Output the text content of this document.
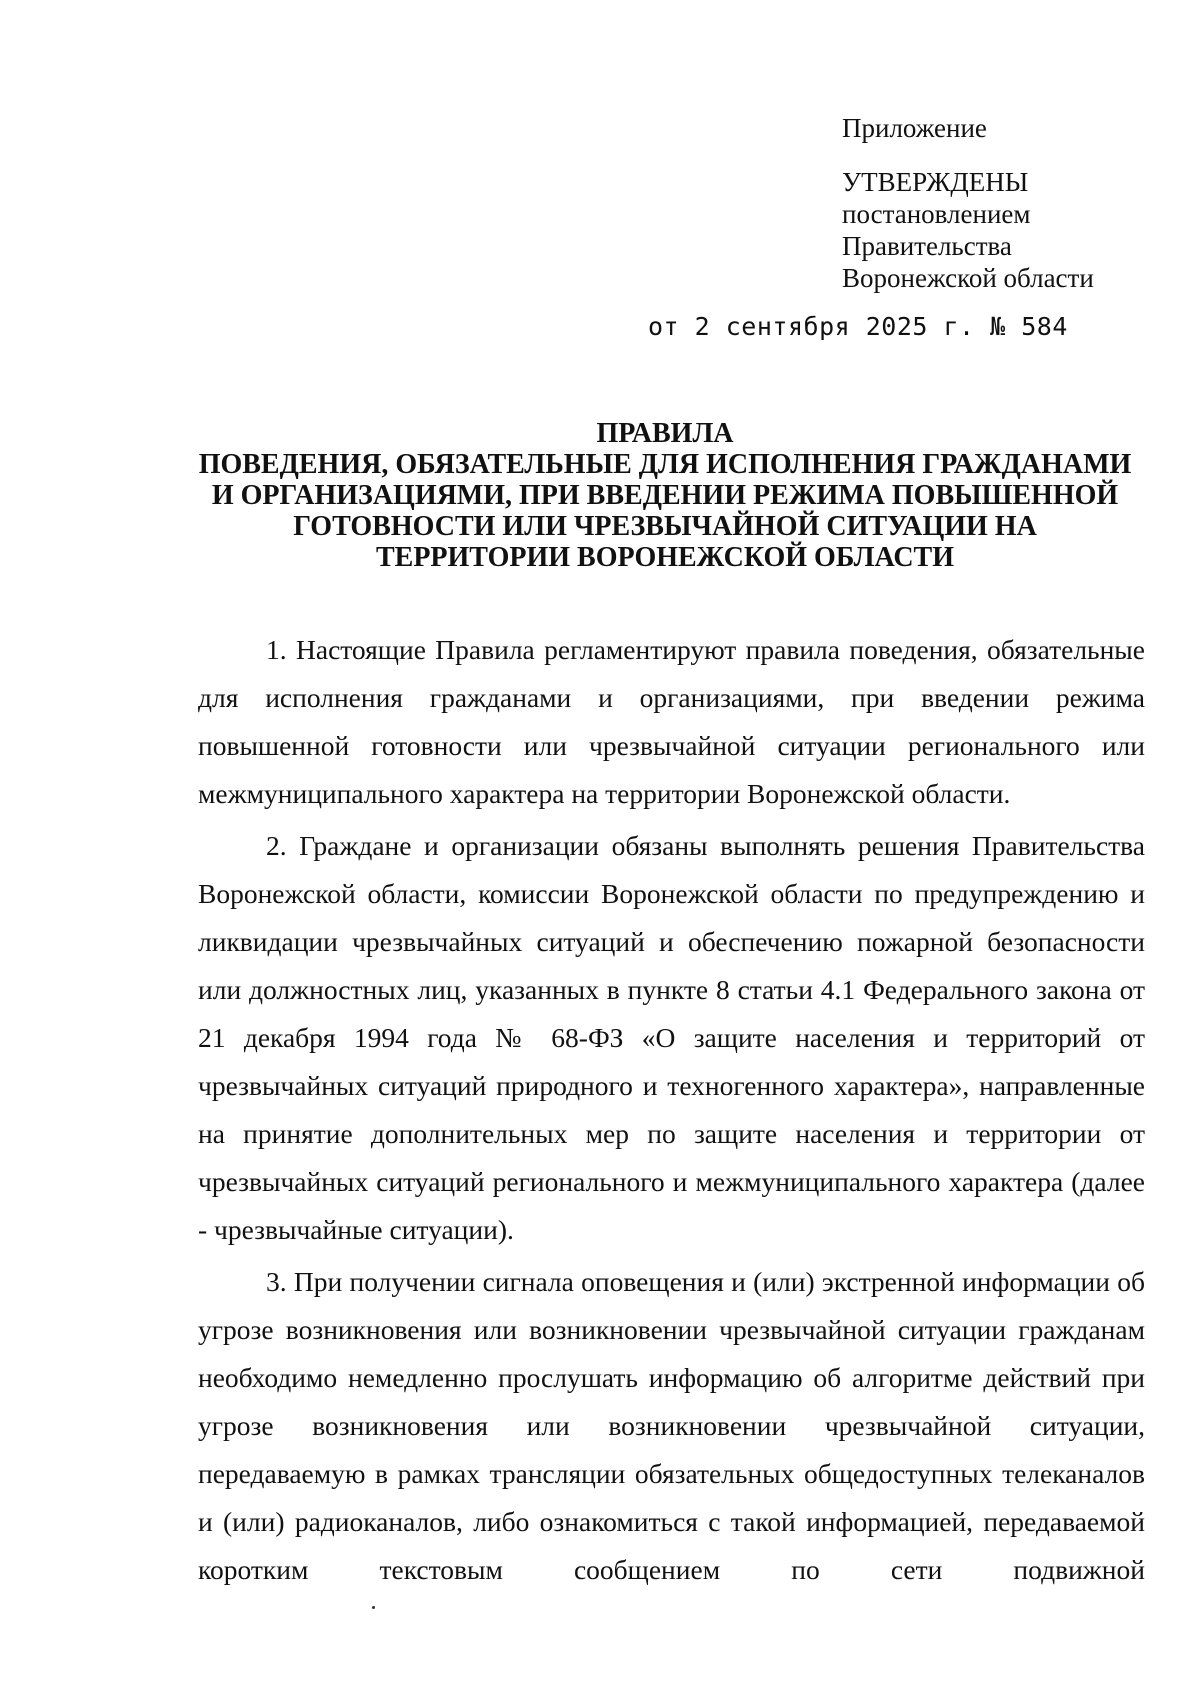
Приложение
УТВЕРЖДЕНЫ
постановлением
Правительства
Воронежской области
от 2 сентября 2025 г. № 584
ПРАВИЛА
ПОВЕДЕНИЯ, ОБЯЗАТЕЛЬНЫЕ ДЛЯ ИСПОЛНЕНИЯ ГРАЖДАНАМИ
И ОРГАНИЗАЦИЯМИ, ПРИ ВВЕДЕНИИ РЕЖИМА ПОВЫШЕННОЙ
ГОТОВНОСТИ ИЛИ ЧРЕЗВЫЧАЙНОЙ СИТУАЦИИ НА
ТЕРРИТОРИИ ВОРОНЕЖСКОЙ ОБЛАСТИ

1. Настоящие Правила регламентируют правила поведения, обязательные для исполнения гражданами и организациями, при введении режима повышенной готовности или чрезвычайной ситуации регионального или межмуниципального характера на территории Воронежской области.

2. Граждане и организации обязаны выполнять решения Правительства Воронежской области, комиссии Воронежской области по предупреждению и ликвидации чрезвычайных ситуаций и обеспечению пожарной безопасности или должностных лиц, указанных в пункте 8 статьи 4.1 Федерального закона от 21 декабря 1994 года № 68-ФЗ «О защите населения и территорий от чрезвычайных ситуаций природного и техногенного характера», направленные на принятие дополнительных мер по защите населения и территории от чрезвычайных ситуаций регионального и межмуниципального характера (далее - чрезвычайные ситуации).

3. При получении сигнала оповещения и (или) экстренной информации об угрозе возникновения или возникновении чрезвычайной ситуации гражданам необходимо немедленно прослушать информацию об алгоритме действий при угрозе возникновения или возникновении чрезвычайной ситуации, передаваемую в рамках трансляции обязательных общедоступных телеканалов и (или) радиоканалов, либо ознакомиться с такой информацией, передаваемой коротким текстовым сообщением по сети подвижной
